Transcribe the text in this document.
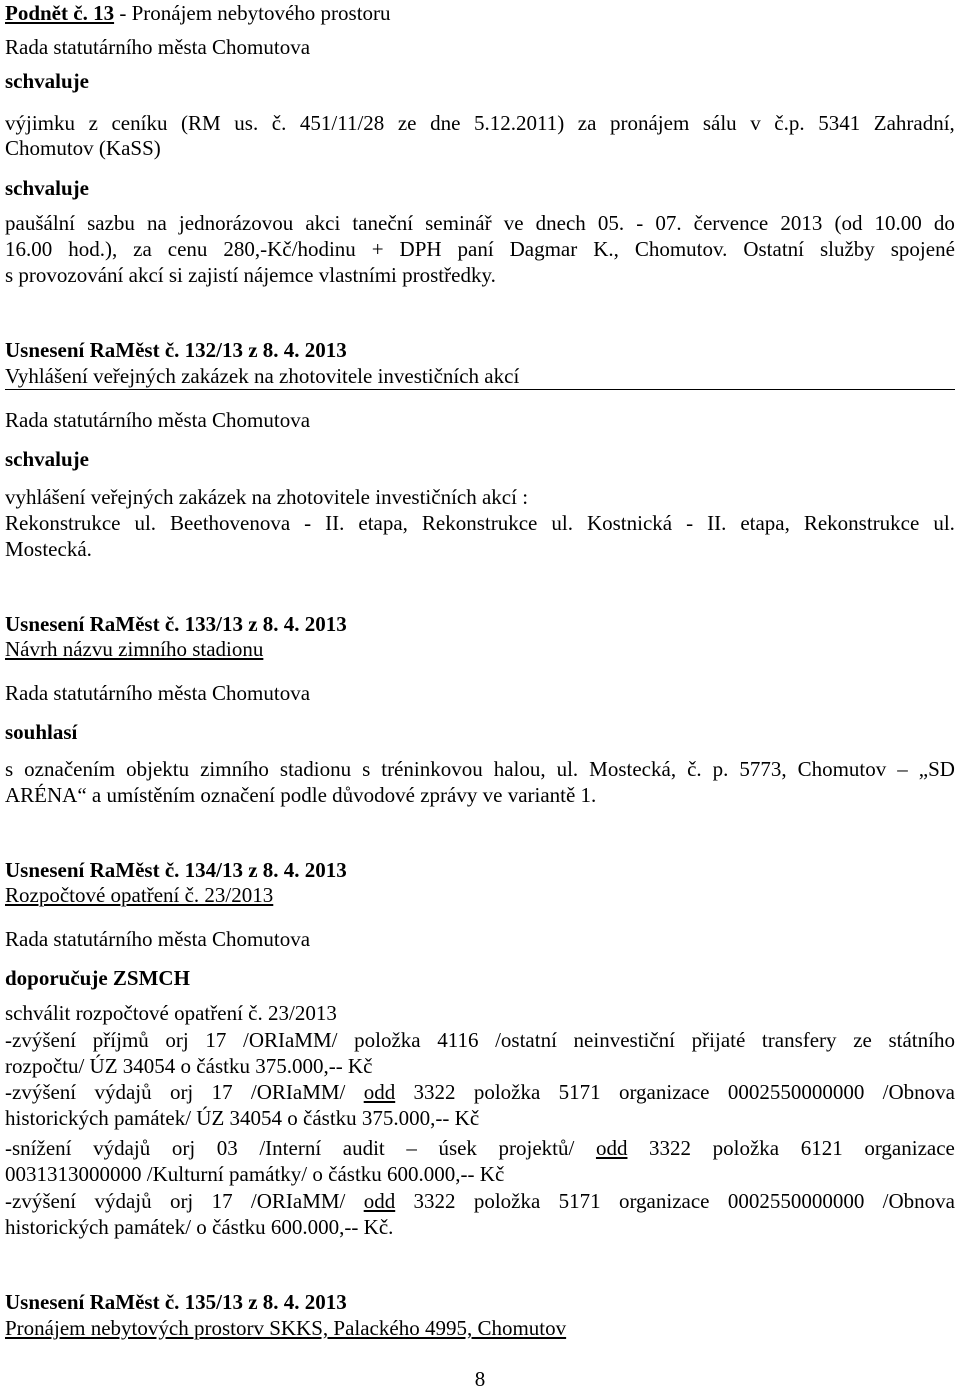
Podnět č. 13 - Pronájem nebytového prostoru
Rada statutárního města Chomutova
schvaluje
výjimku z ceníku (RM us. č. 451/11/28 ze dne 5.12.2011) za pronájem sálu v č.p. 5341 Zahradní,
Chomutov (KaSS)
schvaluje
paušální sazbu na jednorázovou akci taneční seminář ve dnech 05. - 07. července 2013 (od 10.00 do
16.00 hod.), za cenu 280,-Kč/hodinu + DPH paní Dagmar K., Chomutov. Ostatní služby spojené
s provozování akcí si zajistí nájemce vlastními prostředky.
Usnesení RaMěst č. 132/13 z 8. 4. 2013
Vyhlášení veřejných zakázek na zhotovitele investičních akcí
Rada statutárního města Chomutova
schvaluje
vyhlášení veřejných zakázek na zhotovitele investičních akcí :
Rekonstrukce ul. Beethovenova - II. etapa, Rekonstrukce ul. Kostnická - II. etapa, Rekonstrukce ul.
Mostecká.
Usnesení RaMěst č. 133/13 z 8. 4. 2013
Návrh názvu zimního stadionu
Rada statutárního města Chomutova
souhlasí
s označením objektu zimního stadionu s tréninkovou halou, ul. Mostecká, č. p. 5773, Chomutov – „SD
ARÉNA“ a umístěním označení podle důvodové zprávy ve variantě 1.
Usnesení RaMěst č. 134/13 z 8. 4. 2013
Rozpočtové opatření č. 23/2013
Rada statutárního města Chomutova
doporučuje ZSMCH
schválit rozpočtové opatření č. 23/2013
-zvýšení příjmů orj 17 /ORIaMM/ položka 4116 /ostatní neinvestiční přijaté transfery ze státního
rozpočtu/ ÚZ 34054 o částku 375.000,-- Kč
-zvýšení výdajů orj 17 /ORIaMM/ odd 3322 položka 5171 organizace 0002550000000 /Obnova
historických památek/ ÚZ 34054 o částku 375.000,-- Kč
-snížení výdajů orj 03 /Interní audit – úsek projektů/ odd 3322 položka 6121 organizace
0031313000000 /Kulturní památky/ o částku 600.000,-- Kč
-zvýšení výdajů orj 17 /ORIaMM/ odd 3322 položka 5171 organizace 0002550000000 /Obnova
historických památek/ o částku 600.000,-- Kč.
Usnesení RaMěst č. 135/13 z 8. 4. 2013
Pronájem nebytových prostorv SKKS, Palackého 4995, Chomutov
8
